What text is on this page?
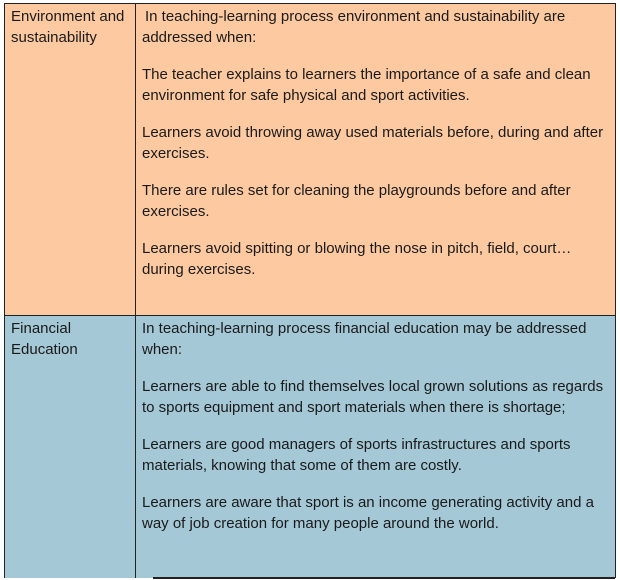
Environment and sustainability	In teaching-learning process environment and sustainability are addressed when:

The teacher explains to learners the importance of a safe and clean environment for safe physical and sport activities.

Learners avoid throwing away used materials before, during and after exercises.

There are rules set for cleaning the playgrounds before and after exercises.

Learners avoid spitting or blowing the nose in pitch, field, court… during exercises.

Financial Education	In teaching-learning process financial education may be addressed when:

Learners are able to find themselves local grown solutions as regards to sports equipment and sport materials when there is shortage;

Learners are good managers of sports infrastructures and sports materials, knowing that some of them are costly.

Learners are aware that sport is an income generating activity and a way of job creation for many people around the world.
